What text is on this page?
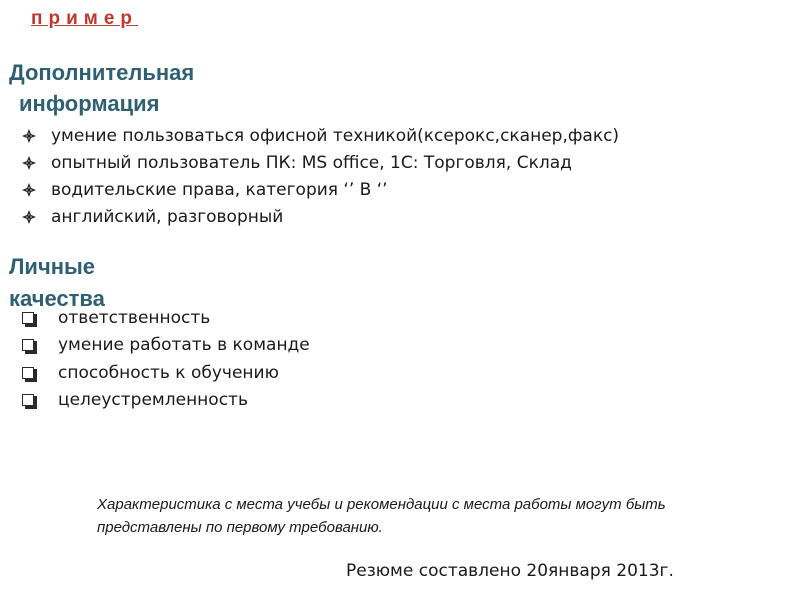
пример
Дополнительная
информация
умение пользоваться офисной техникой(ксерокс,сканер,факс)
опытный пользователь ПК: MS office, 1С: Торговля, Склад
водительские права, категория ‘’ В ‘’
английский, разговорный
Личные
качества
ответственность
умение работать в команде
способность к обучению
целеустремленность
Характеристика с места учебы и рекомендации с места работы могут быть
представлены по первому требованию.
Резюме составлено 20января 2013г.
